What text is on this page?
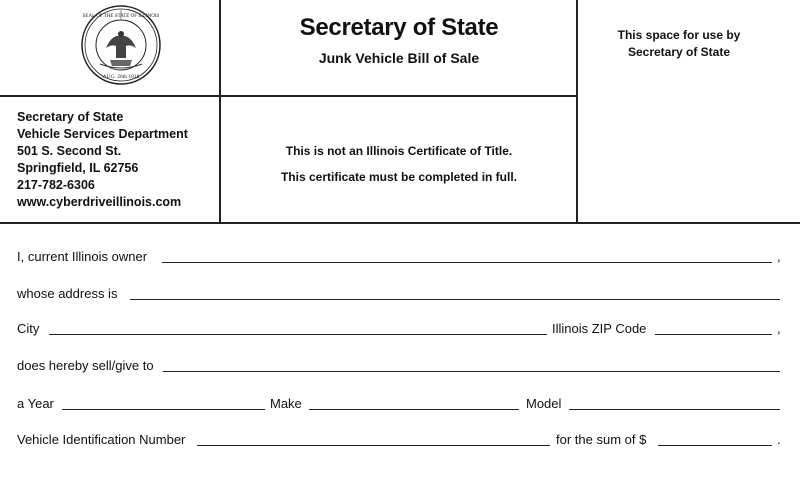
SEAL OF THE STATE OF ILLINOIS
AUG. 26th 1818
Secretary of State
Junk Vehicle Bill of Sale
This space for use by
Secretary of State
Secretary of State
Vehicle Services Department
501 S. Second St.
Springfield, IL 62756
217-782-6306
www.cyberdriveillinois.com
This is not an Illinois Certificate of Title.
This certificate must be completed in full.
I, current Illinois owner	,
whose address is
City	Illinois ZIP Code	,
does hereby sell/give to
a Year	Make	Model
Vehicle Identification Number	for the sum of $	.
